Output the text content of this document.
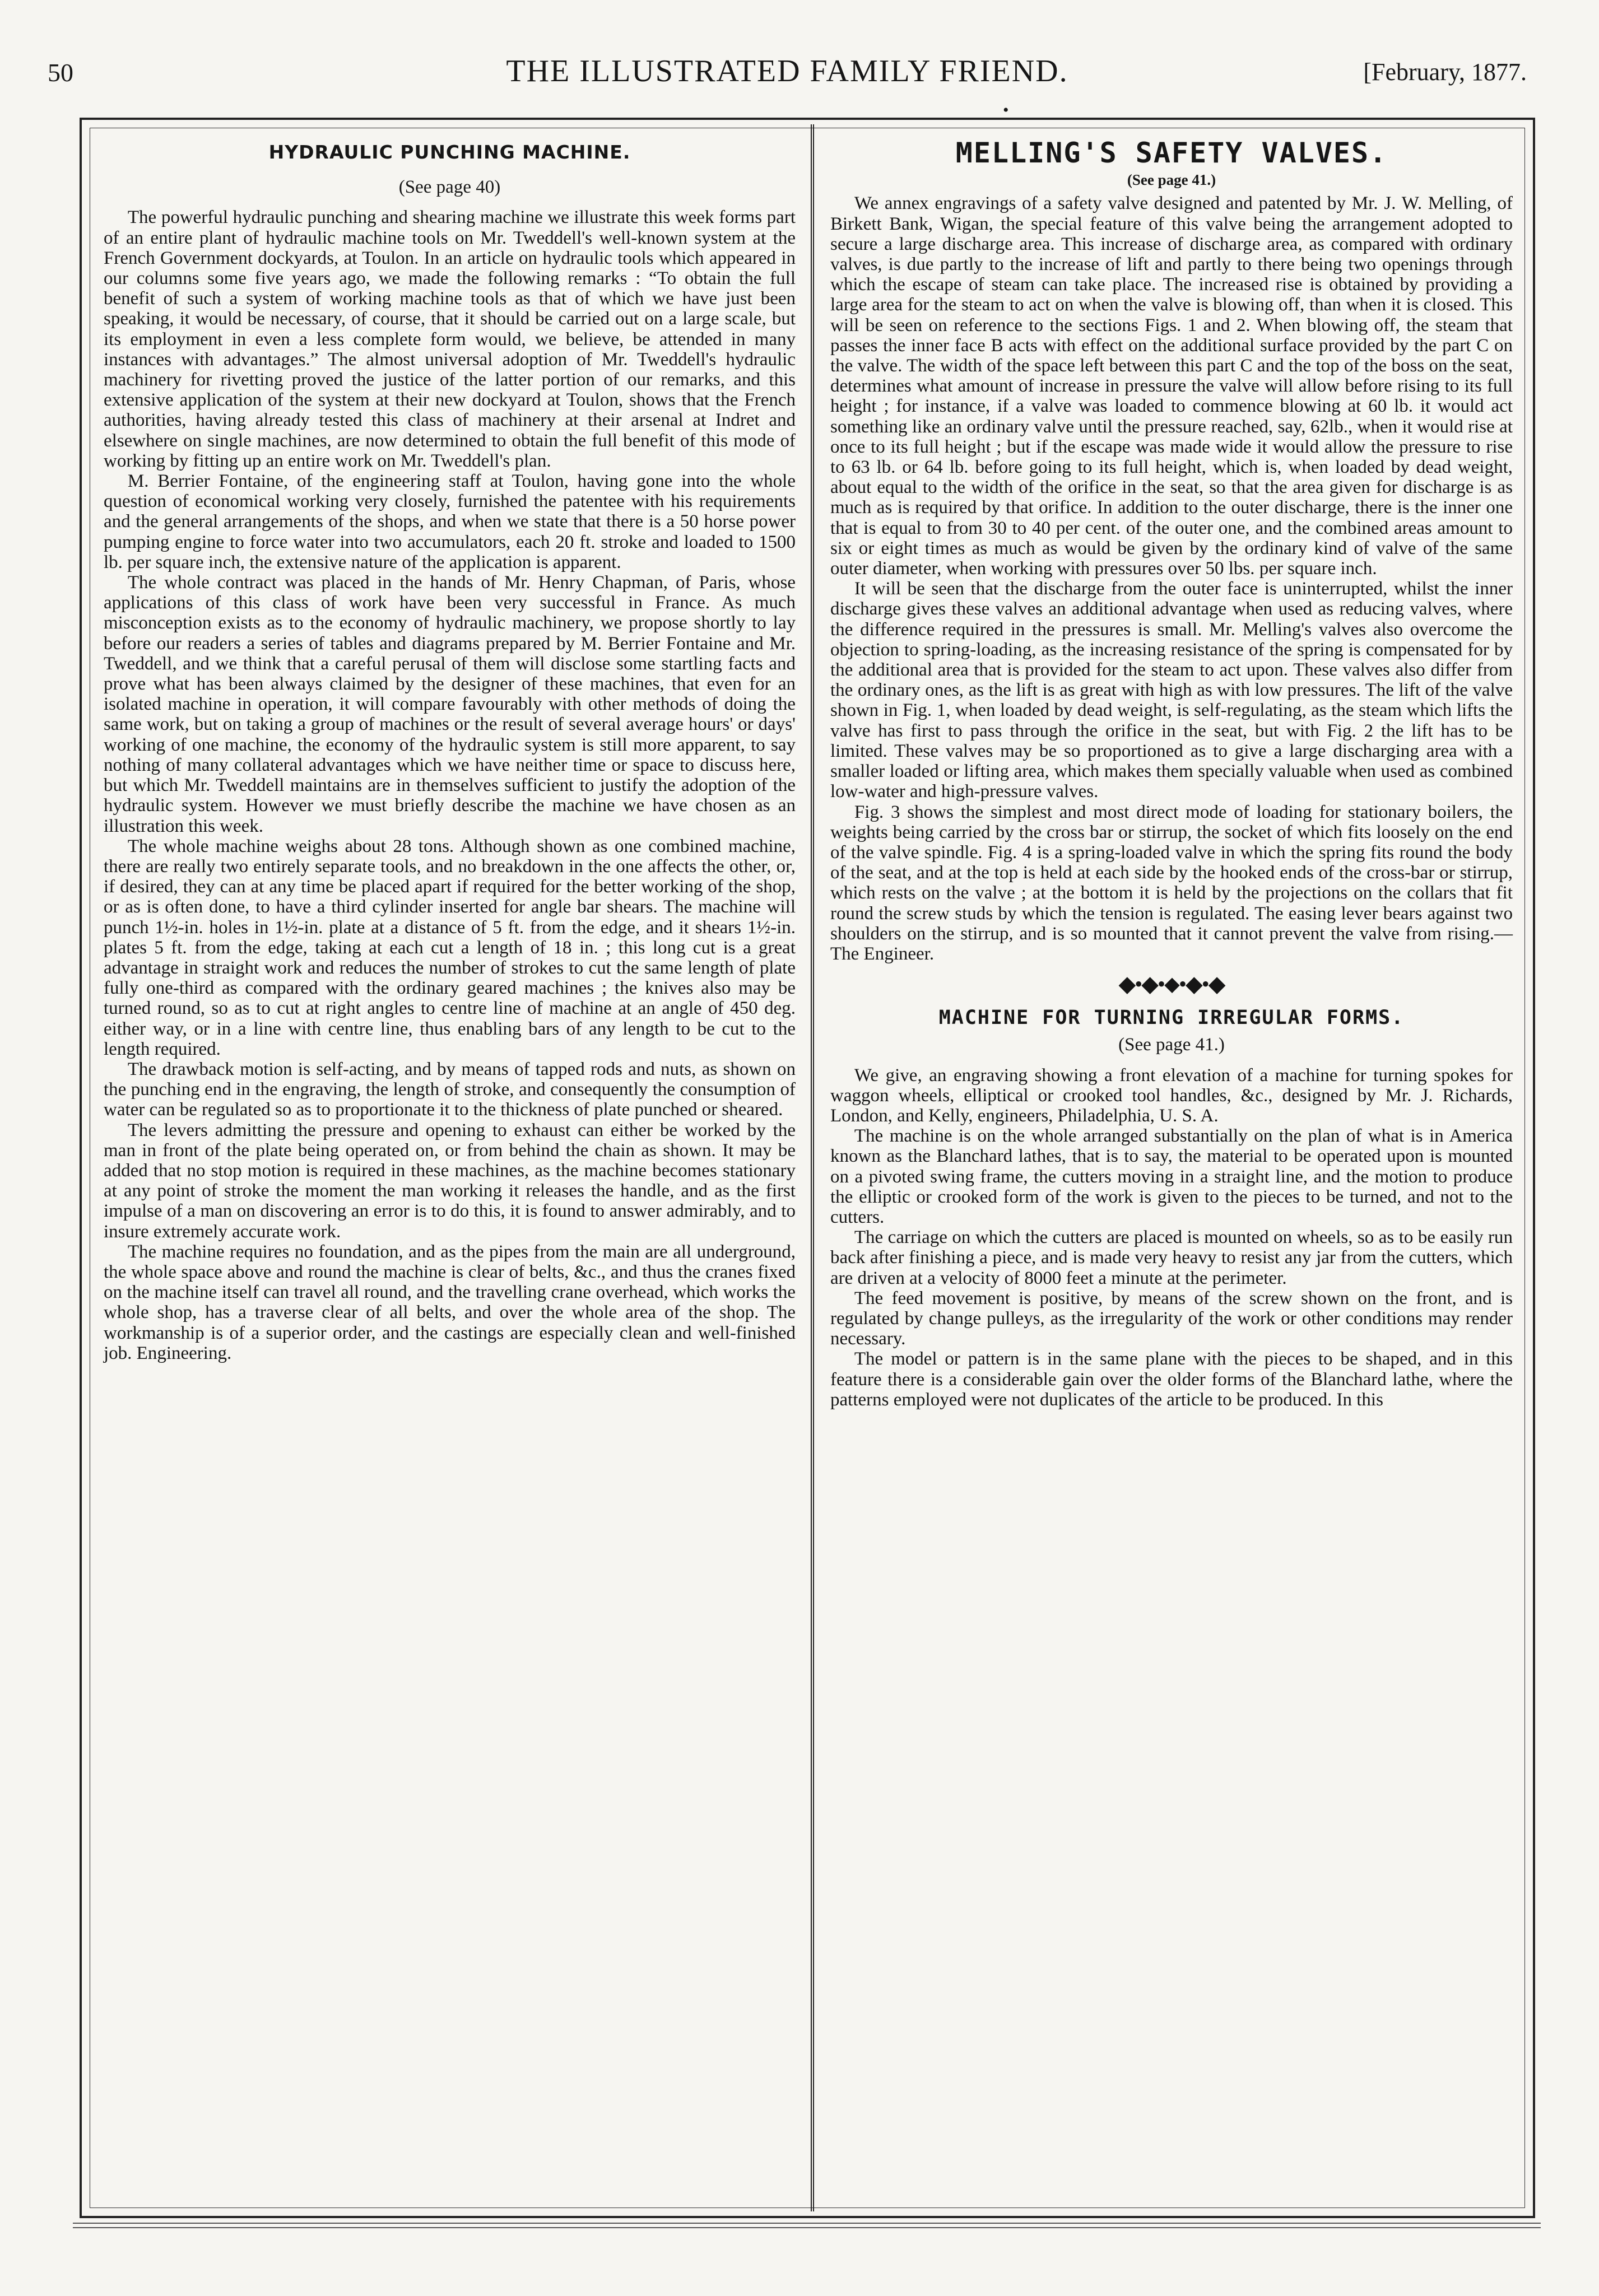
50	THE ILLUSTRATED FAMILY FRIEND.	[February, 1877.
•
HYDRAULIC PUNCHING MACHINE.
(See page 40)

The powerful hydraulic punching and shearing machine we illustrate this week forms part of an entire plant of hydraulic machine tools on Mr. Tweddell's well-known system at the French Government dockyards, at Toulon. In an article on hydraulic tools which appeared in our columns some five years ago, we made the following remarks : “To obtain the full benefit of such a system of working machine tools as that of which we have just been speaking, it would be necessary, of course, that it should be carried out on a large scale, but its employment in even a less complete form would, we believe, be attended in many instances with advantages.” The almost universal adoption of Mr. Tweddell's hydraulic machinery for rivetting proved the justice of the latter portion of our remarks, and this extensive application of the system at their new dockyard at Toulon, shows that the French authorities, having already tested this class of machinery at their arsenal at Indret and elsewhere on single machines, are now determined to obtain the full benefit of this mode of working by fitting up an entire work on Mr. Tweddell's plan.

M. Berrier Fontaine, of the engineering staff at Toulon, having gone into the whole question of economical working very closely, furnished the patentee with his requirements and the general arrangements of the shops, and when we state that there is a 50 horse power pumping engine to force water into two accumulators, each 20 ft. stroke and loaded to 1500 lb. per square inch, the extensive nature of the application is apparent.

The whole contract was placed in the hands of Mr. Henry Chapman, of Paris, whose applications of this class of work have been very successful in France. As much misconception exists as to the economy of hydraulic machinery, we propose shortly to lay before our readers a series of tables and diagrams prepared by M. Berrier Fontaine and Mr. Tweddell, and we think that a careful perusal of them will disclose some startling facts and prove what has been always claimed by the designer of these machines, that even for an isolated machine in operation, it will compare favourably with other methods of doing the same work, but on taking a group of machines or the result of several average hours' or days' working of one machine, the economy of the hydraulic system is still more apparent, to say nothing of many collateral advantages which we have neither time or space to discuss here, but which Mr. Tweddell maintains are in themselves sufficient to justify the adoption of the hydraulic system. However we must briefly describe the machine we have chosen as an illustration this week.

The whole machine weighs about 28 tons. Although shown as one combined machine, there are really two entirely separate tools, and no breakdown in the one affects the other, or, if desired, they can at any time be placed apart if required for the better working of the shop, or as is often done, to have a third cylinder inserted for angle bar shears. The machine will punch 1½-in. holes in 1½-in. plate at a distance of 5 ft. from the edge, and it shears 1½-in. plates 5 ft. from the edge, taking at each cut a length of 18 in. ; this long cut is a great advantage in straight work and reduces the number of strokes to cut the same length of plate fully one-third as compared with the ordinary geared machines ; the knives also may be turned round, so as to cut at right angles to centre line of machine at an angle of 450 deg. either way, or in a line with centre line, thus enabling bars of any length to be cut to the length required.

The drawback motion is self-acting, and by means of tapped rods and nuts, as shown on the punching end in the engraving, the length of stroke, and consequently the consumption of water can be regulated so as to proportionate it to the thickness of plate punched or sheared.

The levers admitting the pressure and opening to exhaust can either be worked by the man in front of the plate being operated on, or from behind the chain as shown. It may be added that no stop motion is required in these machines, as the machine becomes stationary at any point of stroke the moment the man working it releases the handle, and as the first impulse of a man on discovering an error is to do this, it is found to answer admirably, and to insure extremely accurate work.

The machine requires no foundation, and as the pipes from the main are all underground, the whole space above and round the machine is clear of belts, &c., and thus the cranes fixed on the machine itself can travel all round, and the travelling crane overhead, which works the whole shop, has a traverse clear of all belts, and over the whole area of the shop. The workmanship is of a superior order, and the castings are especially clean and well-finished job. Engineering.

MELLING'S SAFETY VALVES.
(See page 41.)

We annex engravings of a safety valve designed and patented by Mr. J. W. Melling, of Birkett Bank, Wigan, the special feature of this valve being the arrangement adopted to secure a large discharge area. This increase of discharge area, as compared with ordinary valves, is due partly to the increase of lift and partly to there being two openings through which the escape of steam can take place. The increased rise is obtained by providing a large area for the steam to act on when the valve is blowing off, than when it is closed. This will be seen on reference to the sections Figs. 1 and 2. When blowing off, the steam that passes the inner face B acts with effect on the additional surface provided by the part C on the valve. The width of the space left between this part C and the top of the boss on the seat, determines what amount of increase in pressure the valve will allow before rising to its full height ; for instance, if a valve was loaded to commence blowing at 60 lb. it would act something like an ordinary valve until the pressure reached, say, 62lb., when it would rise at once to its full height ; but if the escape was made wide it would allow the pressure to rise to 63 lb. or 64 lb. before going to its full height, which is, when loaded by dead weight, about equal to the width of the orifice in the seat, so that the area given for discharge is as much as is required by that orifice. In addition to the outer discharge, there is the inner one that is equal to from 30 to 40 per cent. of the outer one, and the combined areas amount to six or eight times as much as would be given by the ordinary kind of valve of the same outer diameter, when working with pressures over 50 lbs. per square inch.

It will be seen that the discharge from the outer face is uninterrupted, whilst the inner discharge gives these valves an additional advantage when used as reducing valves, where the difference required in the pressures is small. Mr. Melling's valves also overcome the objection to spring-loading, as the increasing resistance of the spring is compensated for by the additional area that is provided for the steam to act upon. These valves also differ from the ordinary ones, as the lift is as great with high as with low pressures. The lift of the valve shown in Fig. 1, when loaded by dead weight, is self-regulating, as the steam which lifts the valve has first to pass through the orifice in the seat, but with Fig. 2 the lift has to be limited. These valves may be so proportioned as to give a large discharging area with a smaller loaded or lifting area, which makes them specially valuable when used as combined low-water and high-pressure valves.

Fig. 3 shows the simplest and most direct mode of loading for stationary boilers, the weights being carried by the cross bar or stirrup, the socket of which fits loosely on the end of the valve spindle. Fig. 4 is a spring-loaded valve in which the spring fits round the body of the seat, and at the top is held at each side by the hooked ends of the cross-bar or stirrup, which rests on the valve ; at the bottom it is held by the projections on the collars that fit round the screw studs by which the tension is regulated. The easing lever bears against two shoulders on the stirrup, and is so mounted that it cannot prevent the valve from rising.—The Engineer.

◆•◆•⬥•◆•◆
MACHINE FOR TURNING IRREGULAR FORMS.
(See page 41.)

We give, an engraving showing a front elevation of a machine for turning spokes for waggon wheels, elliptical or crooked tool handles, &c., designed by Mr. J. Richards, London, and Kelly, engineers, Philadelphia, U. S. A.

The machine is on the whole arranged substantially on the plan of what is in America known as the Blanchard lathes, that is to say, the material to be operated upon is mounted on a pivoted swing frame, the cutters moving in a straight line, and the motion to produce the elliptic or crooked form of the work is given to the pieces to be turned, and not to the cutters.

The carriage on which the cutters are placed is mounted on wheels, so as to be easily run back after finishing a piece, and is made very heavy to resist any jar from the cutters, which are driven at a velocity of 8000 feet a minute at the perimeter.

The feed movement is positive, by means of the screw shown on the front, and is regulated by change pulleys, as the irregularity of the work or other conditions may render necessary.

The model or pattern is in the same plane with the pieces to be shaped, and in this feature there is a considerable gain over the older forms of the Blanchard lathe, where the patterns employed were not duplicates of the article to be produced. In this
